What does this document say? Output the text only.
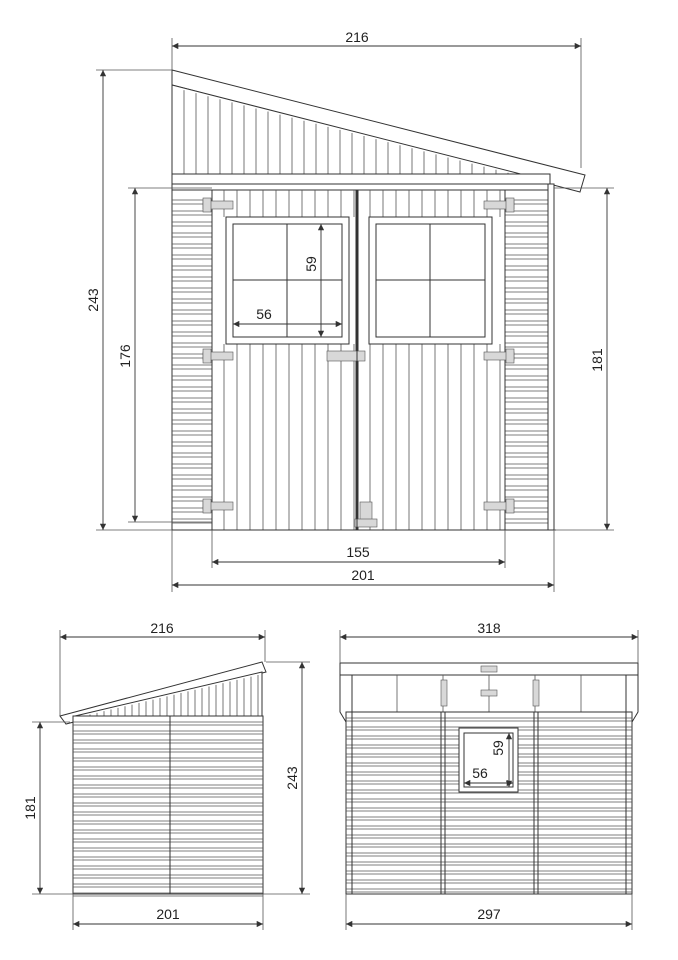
216
243
176	181
155
201
56
59
216
181
243
201
318
297
56
59
